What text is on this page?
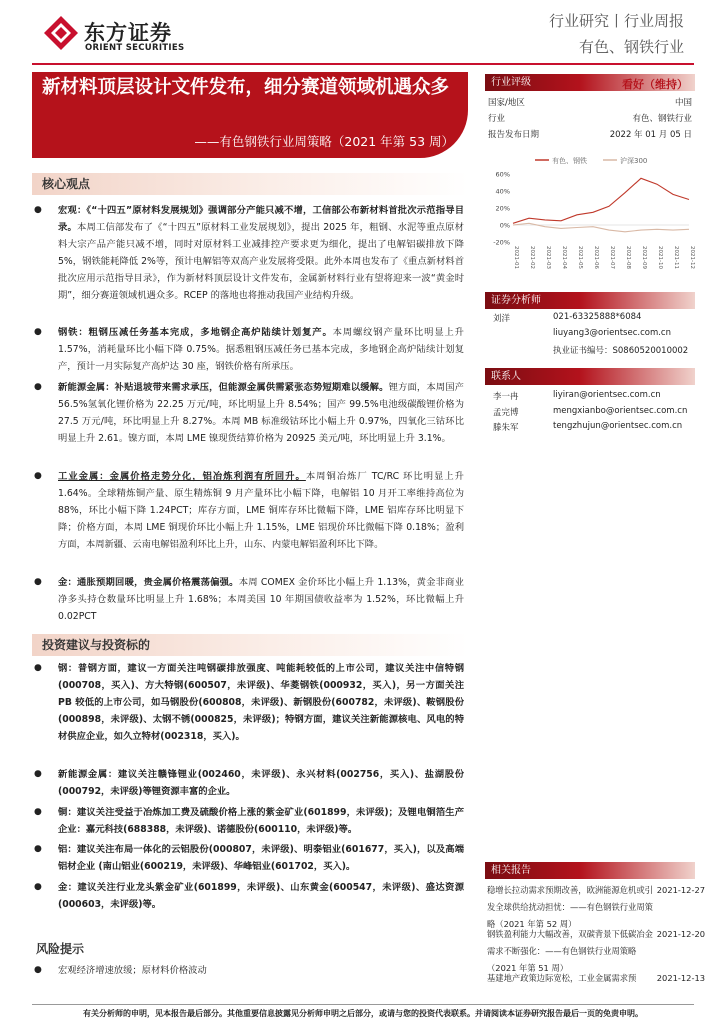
东方证券
ORIENT SECURITIES
行业研究丨行业周报
有色、钢铁行业
新材料顶层设计文件发布，细分赛道领域机遇众多
——有色钢铁行业周策略（2021 年第 53 周）
行业评级	看好（维持）
国家/地区	中国
行业	有色、钢铁行业
报告发布日期	2022 年 01 月 05 日
有色、钢铁	沪深300
60%
40%
20%
0%
-20%
2021-01 2021-02 2021-03 2021-04 2021-05 2021-06 2021-07 2021-08 2021-09 2021-10 2021-11 2021-12
证券分析师
刘洋	021-63325888*6084
liuyang3@orientsec.com.cn
执业证书编号：S0860520010002
联系人
李一冉	liyiran@orientsec.com.cn
孟完博	mengxianbo@orientsec.com.cn
滕朱军	tengzhujun@orientsec.com.cn
相关报告
稳增长拉动需求预期改善，欧洲能源危机或引发全球供给扰动担忧：——有色钢铁行业周策略（2021 年第 52 周）
2021-12-27
钢铁盈利能力大幅改善，双碳背景下低碳冶金需求不断强化：——有色钢铁行业周策略（2021 年第 51 周）
2021-12-20
基建地产政策边际宽松，工业金属需求预	2021-12-13
核心观点
● 宏观：《“十四五”原材料发展规划》强调部分产能只减不增，工信部公布新材料首批次示范指导目录。本周工信部发布了《“十四五”原材料工业发展规划》，提出 2025 年，粗钢、水泥等重点原材料大宗产品产能只减不增，同时对原材料工业减排控产要求更为细化，提出了电解铝碳排放下降 5%，钢铁能耗降低 2%等，预计电解铝等双高产业发展将受限。此外本周也发布了《重点新材料首批次应用示范指导目录》，作为新材料顶层设计文件发布，金属新材料行业有望将迎来一波“黄金时期”，细分赛道领域机遇众多。RCEP 的落地也将推动我国产业结构升级。
● 钢铁：粗钢压减任务基本完成，多地钢企高炉陆续计划复产。本周螺纹钢产量环比明显上升 1.57%，消耗量环比小幅下降 0.75%。据悉粗钢压减任务已基本完成，多地钢企高炉陆续计划复产，预计一月实际复产高炉达 30 座，钢铁价格有所承压。
● 新能源金属：补贴退坡带来需求承压，但能源金属供需紧张态势短期难以缓解。锂方面，本周国产 56.5%氢氧化锂价格为 22.25 万元/吨，环比明显上升 8.54%；国产 99.5%电池级碳酸锂价格为 27.5 万元/吨，环比明显上升 8.27%。本周 MB 标准级钴环比小幅上升 0.97%，四氧化三钴环比明显上升 2.61。镍方面，本周 LME 镍现货结算价格为 20925 美元/吨，环比明显上升 3.1%。
● 工业金属：金属价格走势分化，铝冶炼利润有所回升。本周铜冶炼厂 TC/RC 环比明显上升 1.64%。全球精炼铜产量、原生精炼铜 9 月产量环比小幅下降，电解铝 10 月开工率维持高位为 88%，环比小幅下降 1.24PCT；库存方面，LME 铜库存环比微幅下降，LME 铝库存环比明显下降；价格方面，本周 LME 铜现价环比小幅上升 1.15%，LME 铝现价环比微幅下降 0.18%；盈利方面，本周新疆、云南电解铝盈利环比上升，山东、内蒙电解铝盈利环比下降。
● 金：通胀预期回暖，贵金属价格震荡偏强。本周 COMEX 金价环比小幅上升 1.13%，黄金非商业净多头持仓数量环比明显上升 1.68%；本周美国 10 年期国债收益率为 1.52%，环比微幅上升 0.02PCT
投资建议与投资标的
● 钢：普钢方面，建议一方面关注吨钢碳排放强度、吨能耗较低的上市公司，建议关注中信特钢(000708，买入)、方大特钢(600507，未评级)、华菱钢铁(000932，买入)，另一方面关注 PB 较低的上市公司，如马钢股份(600808，未评级)、新钢股份(600782，未评级)、鞍钢股份(000898，未评级)、太钢不锈(000825，未评级)；特钢方面，建议关注新能源核电、风电的特材供应企业，如久立特材(002318，买入)。
● 新能源金属：建议关注赣锋锂业(002460，未评级)、永兴材料(002756，买入)、盐湖股份(000792，未评级)等锂资源丰富的企业。
● 铜：建议关注受益于冶炼加工费及硫酸价格上涨的紫金矿业(601899，未评级)；及锂电铜箔生产企业：嘉元科技(688388，未评级)、诺德股份(600110，未评级)等。
● 铝：建议关注布局一体化的云铝股份(000807，未评级)、明泰铝业(601677，买入)，以及高端铝材企业 (南山铝业(600219，未评级)、华峰铝业(601702，买入)。
● 金：建议关注行业龙头紫金矿业(601899，未评级)、山东黄金(600547，未评级)、盛达资源(000603，未评级)等。
风险提示
● 宏观经济增速放缓；原材料价格波动
有关分析师的申明，见本报告最后部分。其他重要信息披露见分析师申明之后部分，或请与您的投资代表联系。并请阅读本证券研究报告最后一页的免责申明。
